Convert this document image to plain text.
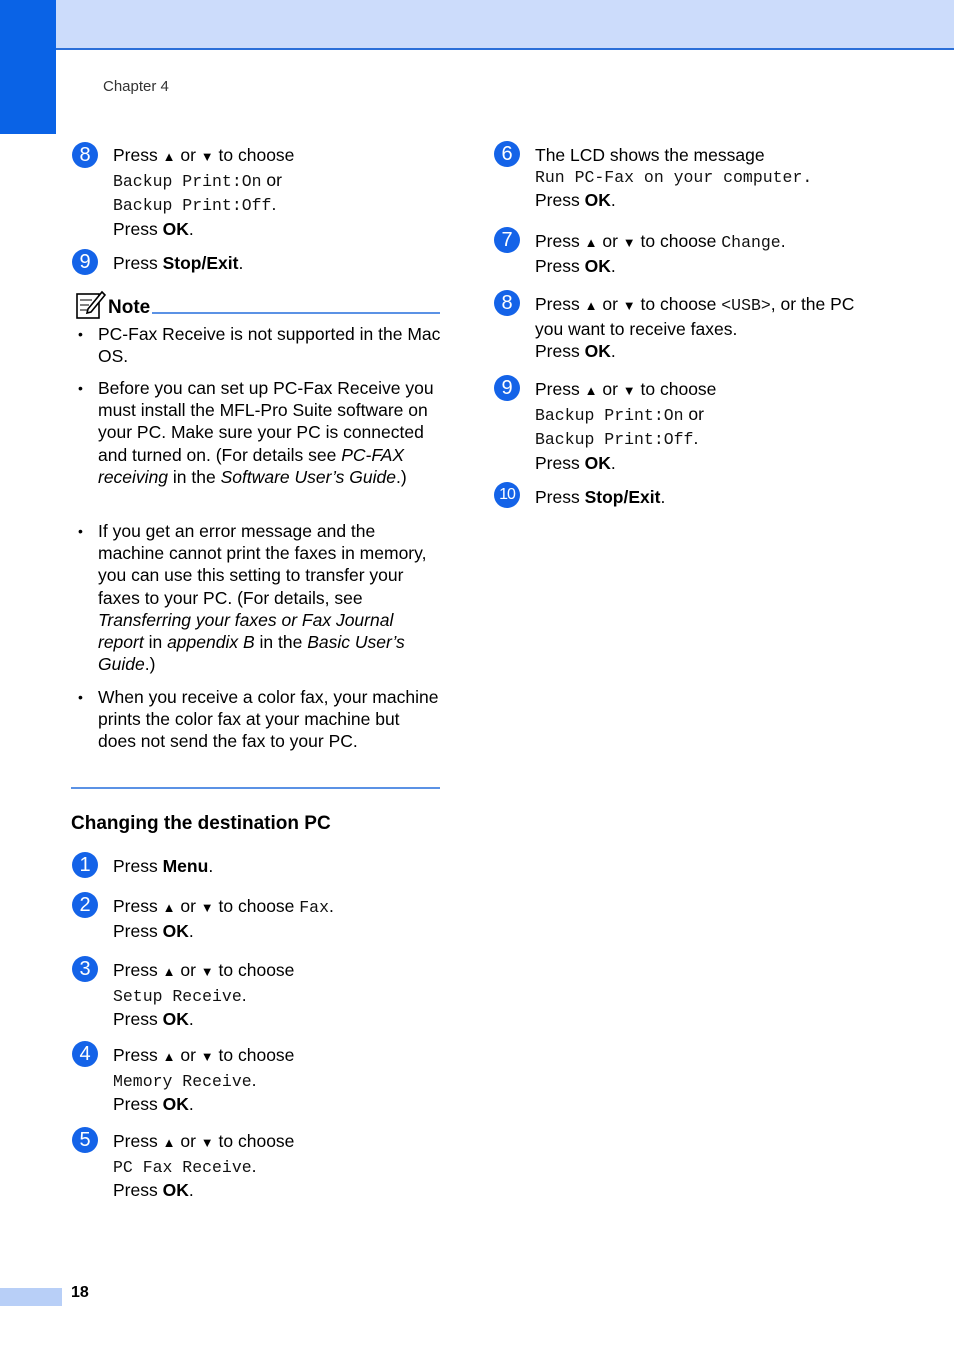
Chapter 4
8	Press ▲ or ▼ to choose
Backup Print:On or
Backup Print:Off.
Press OK.
9	Press Stop/Exit.
Note
• PC-Fax Receive is not supported in the Mac OS.
• Before you can set up PC-Fax Receive you must install the MFL-Pro Suite software on your PC. Make sure your PC is connected and turned on. (For details see PC-FAX receiving in the Software User’s Guide.)
• If you get an error message and the machine cannot print the faxes in memory, you can use this setting to transfer your faxes to your PC. (For details, see Transferring your faxes or Fax Journal report in appendix B in the Basic User’s Guide.)
• When you receive a color fax, your machine prints the color fax at your machine but does not send the fax to your PC.
Changing the destination PC
1	Press Menu.
2	Press ▲ or ▼ to choose Fax.
Press OK.
3	Press ▲ or ▼ to choose
Setup Receive.
Press OK.
4	Press ▲ or ▼ to choose
Memory Receive.
Press OK.
5	Press ▲ or ▼ to choose
PC Fax Receive.
Press OK.
6	The LCD shows the message
Run PC-Fax on your computer.
Press OK.
7	Press ▲ or ▼ to choose Change.
Press OK.
8	Press ▲ or ▼ to choose <USB>, or the PC
you want to receive faxes.
Press OK.
9	Press ▲ or ▼ to choose
Backup Print:On or
Backup Print:Off.
Press OK.
10 Press Stop/Exit.
18
